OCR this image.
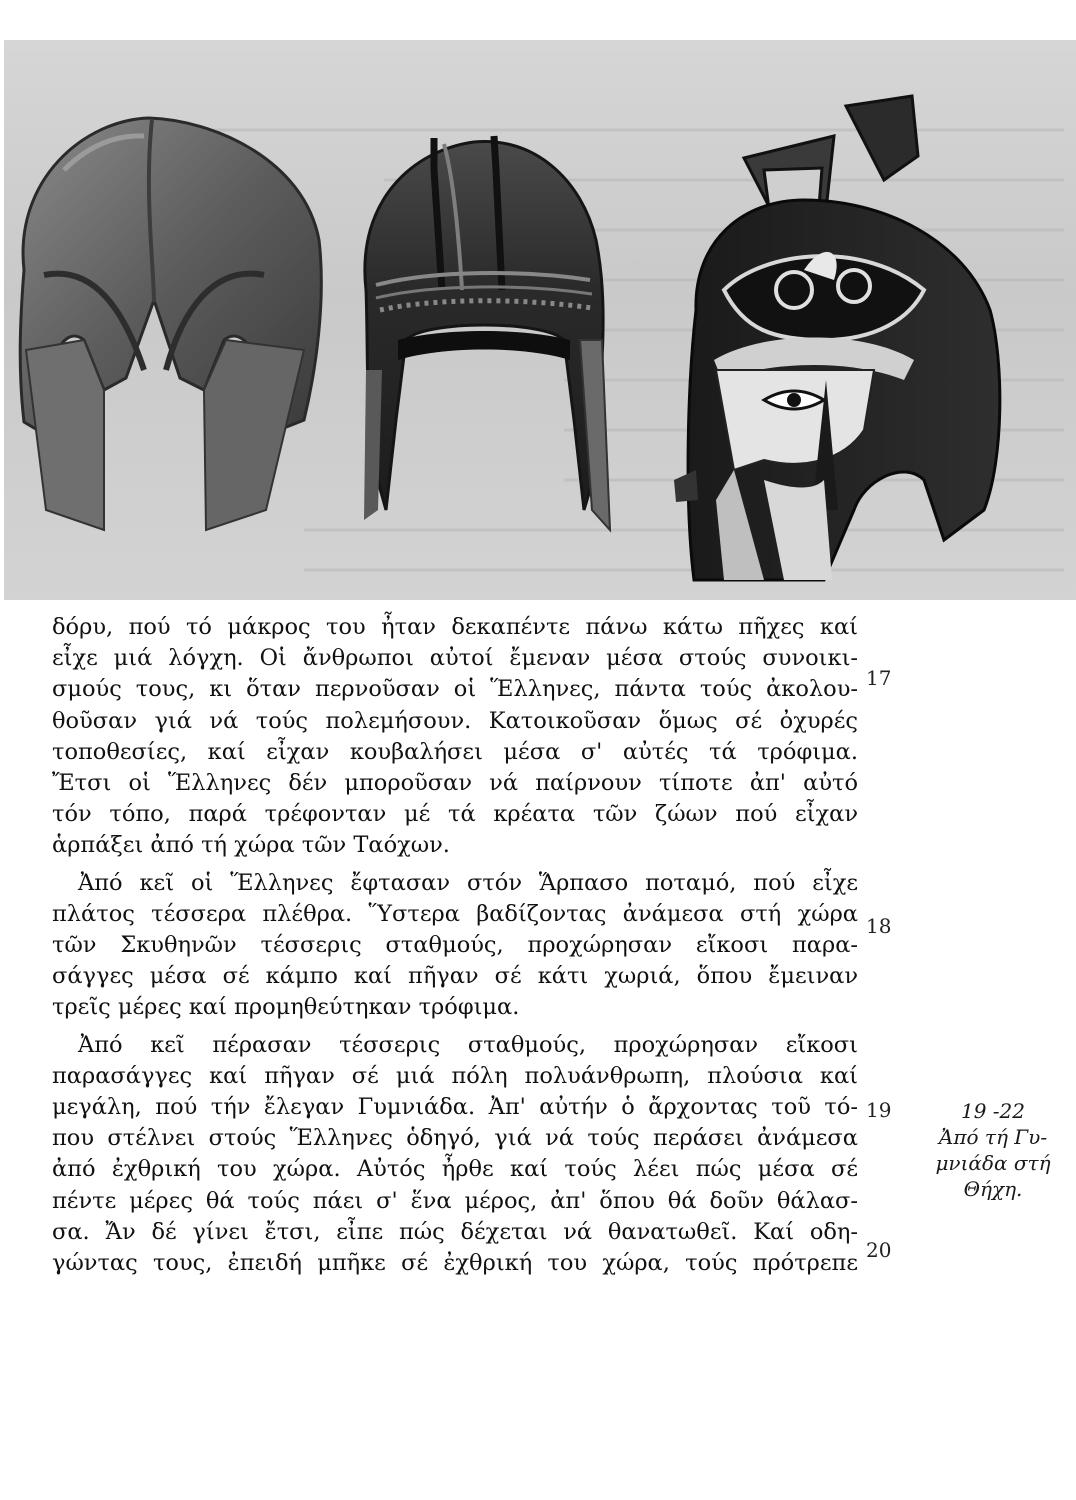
δόρυ, πού τό μάκρος του ἦταν δεκαπέντε πάνω κάτω πῆχες καί
εἶχε μιά λόγχη. Οἱ ἄνθρωποι αὐτοί ἔμεναν μέσα στούς συνοικι-
σμούς τους, κι ὅταν περνοῦσαν οἱ Ἕλληνες, πάντα τούς ἀκολου-
θοῦσαν γιά νά τούς πολεμήσουν. Κατοικοῦσαν ὅμως σέ ὀχυρές
τοποθεσίες, καί εἶχαν κουβαλήσει μέσα σ' αὐτές τά τρόφιμα.
Ἔτσι οἱ Ἕλληνες δέν μποροῦσαν νά παίρνουν τίποτε ἀπ' αὐτό
τόν τόπο, παρά τρέφονταν μέ τά κρέατα τῶν ζώων πού εἶχαν
ἁρπάξει ἀπό τή χώρα τῶν Ταόχων.

Ἀπό κεῖ οἱ Ἕλληνες ἔφτασαν στόν Ἅρπασο ποταμό, πού εἶχε
πλάτος τέσσερα πλέθρα. Ὕστερα βαδίζοντας ἀνάμεσα στή χώρα
τῶν Σκυθηνῶν τέσσερις σταθμούς, προχώρησαν εἴκοσι παρα-
σάγγες μέσα σέ κάμπο καί πῆγαν σέ κάτι χωριά, ὅπου ἔμειναν
τρεῖς μέρες καί προμηθεύτηκαν τρόφιμα.

Ἀπό κεῖ πέρασαν τέσσερις σταθμούς, προχώρησαν εἴκοσι
παρασάγγες καί πῆγαν σέ μιά πόλη πολυάνθρωπη, πλούσια καί
μεγάλη, πού τήν ἔλεγαν Γυμνιάδα. Ἀπ' αὐτήν ὁ ἄρχοντας τοῦ τό-
που στέλνει στούς Ἕλληνες ὁδηγό, γιά νά τούς περάσει ἀνάμεσα
ἀπό ἐχθρική του χώρα. Αὐτός ἦρθε καί τούς λέει πώς μέσα σέ
πέντε μέρες θά τούς πάει σ' ἕνα μέρος, ἀπ' ὅπου θά δοῦν θάλασ-
σα. Ἄν δέ γίνει ἔτσι, εἶπε πώς δέχεται νά θανατωθεῖ. Καί οδη-
γώντας τους, ἐπειδή μπῆκε σέ ἐχθρική του χώρα, τούς πρότρεπε

17
18
19
20
19 -22
Ἀπό τή Γυ-
μνιάδα στή
Θήχη.
